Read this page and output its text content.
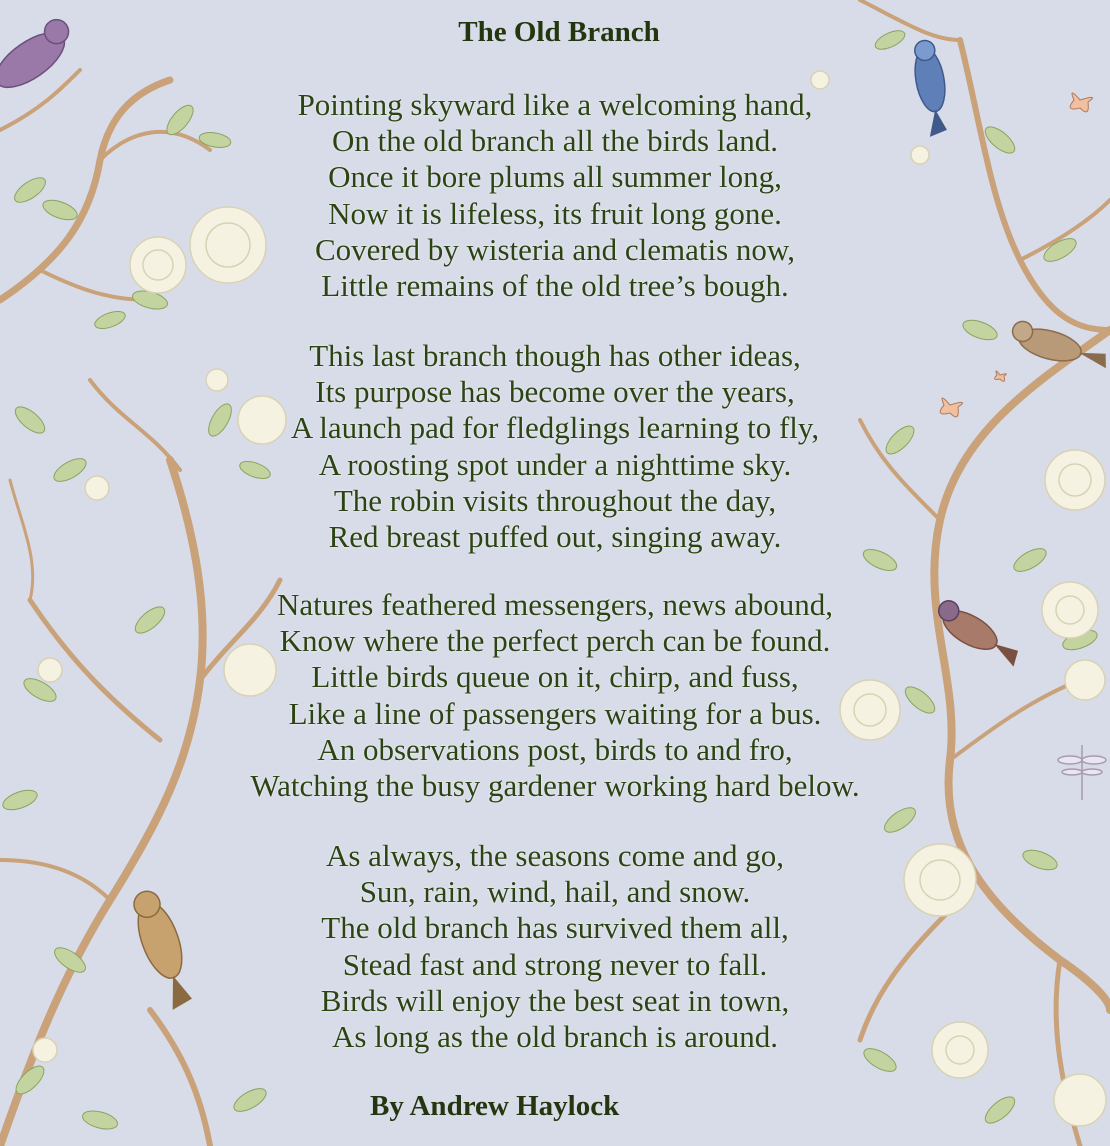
The Old Branch
Pointing skyward like a welcoming hand,
On the old branch all the birds land.
Once it bore plums all summer long,
Now it is lifeless, its fruit long gone.
Covered by wisteria and clematis now,
Little remains of the old tree’s bough.
This last branch though has other ideas,
Its purpose has become over the years,
A launch pad for fledglings learning to fly,
A roosting spot under a nighttime sky.
The robin visits throughout the day,
Red breast puffed out, singing away.
Natures feathered messengers, news abound,
Know where the perfect perch can be found.
Little birds queue on it, chirp, and fuss,
Like a line of passengers waiting for a bus.
An observations post, birds to and fro,
Watching the busy gardener working hard below.
As always, the seasons come and go,
Sun, rain, wind, hail, and snow.
The old branch has survived them all,
Stead fast and strong never to fall.
Birds will enjoy the best seat in town,
As long as the old branch is around.
By Andrew Haylock
